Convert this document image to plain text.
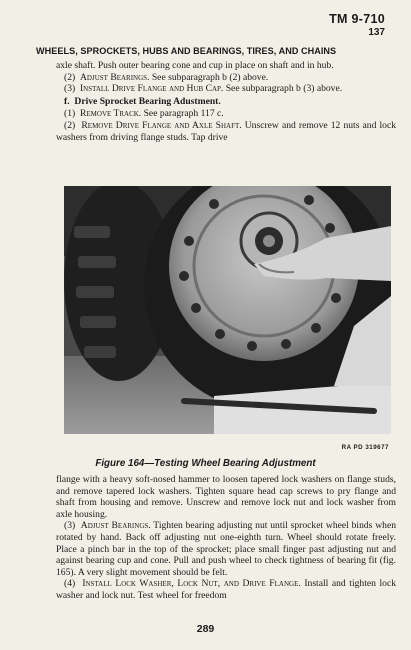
TM 9-710
137
WHEELS, SPROCKETS, HUBS AND BEARINGS, TIRES, AND CHAINS

axle shaft. Push outer bearing cone and cup in place on shaft and in hub.

(2) Adjust Bearings. See subparagraph b (2) above.

(3) Install Drive Flange and Hub Cap. See subparagraph b (3) above.

f. Drive Sprocket Bearing Adustment.

(1) Remove Track. See paragraph 117 c.

(2) Remove Drive Flange and Axle Shaft. Unscrew and remove 12 nuts and lock washers from driving flange studs. Tap drive

RA PD 319677
Figure 164—Testing Wheel Bearing Adjustment

flange with a heavy soft-nosed hammer to loosen tapered lock washers on flange studs, and remove tapered lock washers. Tighten square head cap screws to pry flange and shaft from housing and remove. Unscrew and remove lock nut and lock washer from axle housing.

(3) Adjust Bearings. Tighten bearing adjusting nut until sprocket wheel binds when rotated by hand. Back off adjusting nut one-eighth turn. Wheel should rotate freely. Place a pinch bar in the top of the sprocket; place small finger past adjusting nut and against bearing cup and cone. Pull and push wheel to check tightness of bearing fit (fig. 165). A very slight movement should be felt.

(4) Install Lock Washer, Lock Nut, and Drive Flange. Install and tighten lock washer and lock nut. Test wheel for freedom

289
